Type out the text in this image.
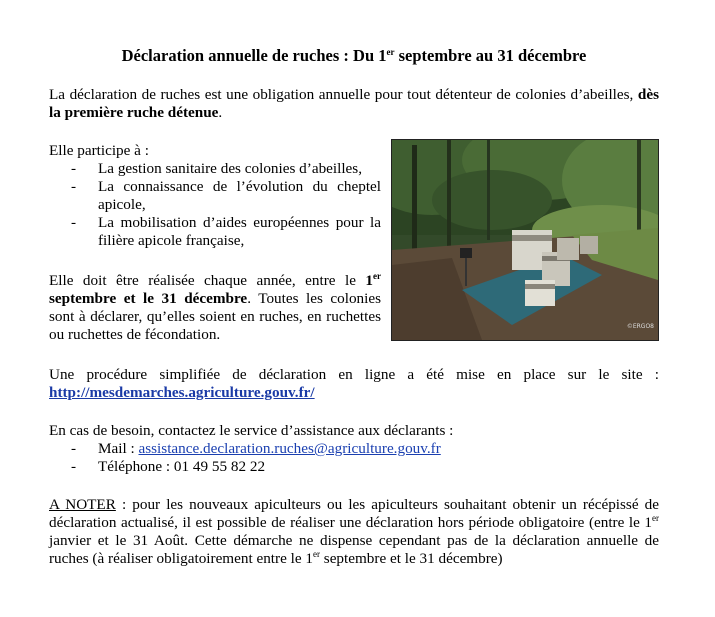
Déclaration annuelle de ruches : Du 1er septembre au 31 décembre

La déclaration de ruches est une obligation annuelle pour tout détenteur de colonies d’abeilles, dès la première ruche détenue.

Elle participe à :

- La gestion sanitaire des colonies d’abeilles,
- La connaissance de l’évolution du cheptel apicole,
- La mobilisation d’aides européennes pour la filière apicole française,

Elle doit être réalisée chaque année, entre le 1er septembre et le 31 décembre. Toutes les colonies sont à déclarer, qu’elles soient en ruches, en ruchettes ou ruchettes de fécondation.

Une procédure simplifiée de déclaration en ligne a été mise en place sur le site : http://mesdemarches.agriculture.gouv.fr/

En cas de besoin, contactez le service d’assistance aux déclarants :

- Mail : assistance.declaration.ruches@agriculture.gouv.fr
- Téléphone : 01 49 55 82 22

A NOTER : pour les nouveaux apiculteurs ou les apiculteurs souhaitant obtenir un récépissé de déclaration actualisé, il est possible de réaliser une déclaration hors période obligatoire (entre le 1er janvier et le 31 Août. Cette démarche ne dispense cependant pas de la déclaration annuelle de ruches (à réaliser obligatoirement entre le 1er septembre et le 31 décembre)

©ERGO8
